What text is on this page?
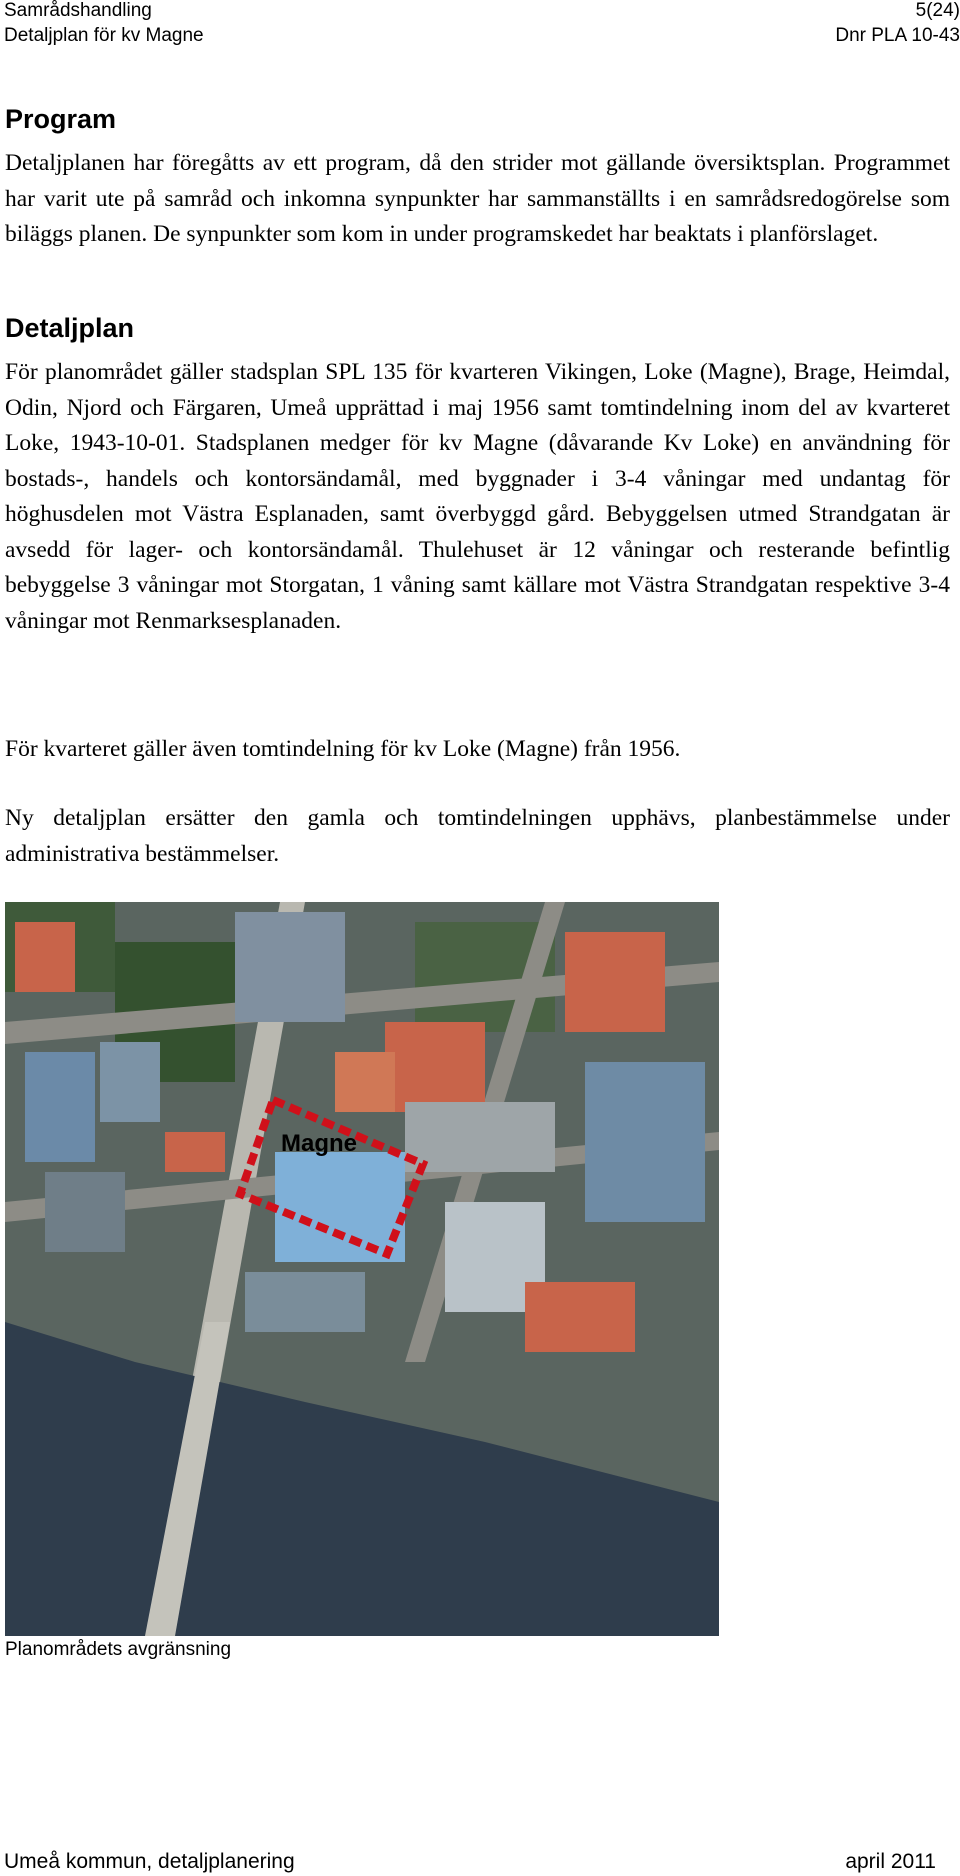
Samrådshandling	5(24)
Detaljplan för kv Magne	Dnr PLA 10-43
Program

Detaljplanen har föregåtts av ett program, då den strider mot gällande översiktsplan. Programmet har varit ute på samråd och inkomna synpunkter har sammanställts i en samrådsredogörelse som biläggs planen. De synpunkter som kom in under programskedet har beaktats i planförslaget.

Detaljplan

För planområdet gäller stadsplan SPL 135 för kvarteren Vikingen, Loke (Magne), Brage, Heimdal, Odin, Njord och Färgaren, Umeå upprättad i maj 1956 samt tomtindelning inom del av kvarteret Loke, 1943-10-01. Stadsplanen medger för kv Magne (dåvarande Kv Loke) en användning för bostads-, handels och kontorsändamål, med byggnader i 3-4 våningar med undantag för höghusdelen mot Västra Esplanaden, samt överbyggd gård. Bebyggelsen utmed Strandgatan är avsedd för lager- och kontorsändamål. Thulehuset är 12 våningar och resterande befintlig bebyggelse 3 våningar mot Storgatan, 1 våning samt källare mot Västra Strandgatan respektive 3-4 våningar mot Renmarksesplanaden.

För kvarteret gäller även tomtindelning för kv Loke (Magne) från 1956.

Ny detaljplan ersätter den gamla och tomtindelningen upphävs, planbestämmelse under administrativa bestämmelser.

Magne
Planområdets avgränsning
Umeå kommun, detaljplanering	april 2011
